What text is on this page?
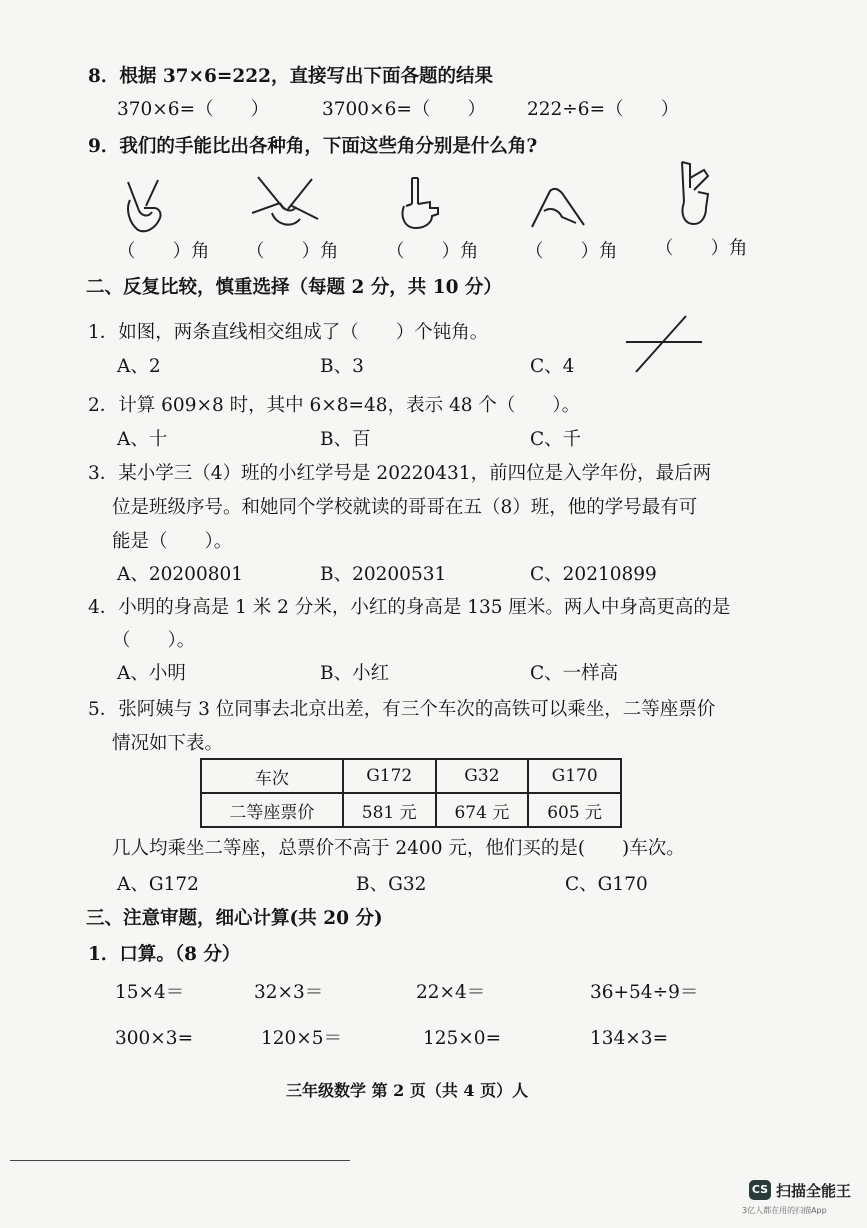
8．根据 37×6=222，直接写出下面各题的结果
370×6=（　　）	3700×6=（　　） 222÷6=（　　）
9．我们的手能比出各种角，下面这些角分别是什么角?
（　　）角 （　　）角	（　　）角	（　　）角 （　　）角
二、反复比较，慎重选择（每题 2 分，共 10 分）
1．如图，两条直线相交组成了（　　）个钝角。
A、2	B、3	C、4
2．计算 609×8 时，其中 6×8=48，表示 48 个（　　）。
A、十	B、百	C、千
3．某小学三（4）班的小红学号是 20220431，前四位是入学年份，最后两
位是班级序号。和她同个学校就读的哥哥在五（8）班，他的学号最有可
能是（　　）。
A、20200801	B、20200531	C、20210899
4．小明的身高是 1 米 2 分米，小红的身高是 135 厘米。两人中身高更高的是
（　　）。
A、小明	B、小红	C、一样高
5．张阿姨与 3 位同事去北京出差，有三个车次的高铁可以乘坐，二等座票价
情况如下表。
车次	G172	G32	G170
二等座票价	581 元	674 元	605 元
几人均乘坐二等座，总票价不高于 2400 元，他们买的是(　　)车次。
A、G172	B、G32	C、G170
三、注意审题，细心计算(共 20 分)
1．口算。（8 分）
15×4＝	32×3＝	22×4＝	36+54÷9＝
300×3=	120×5＝	125×0=	134×3=
三年级数学 第 2 页（共 4 页）人
CS 扫描全能王
3亿人都在用的扫描App
